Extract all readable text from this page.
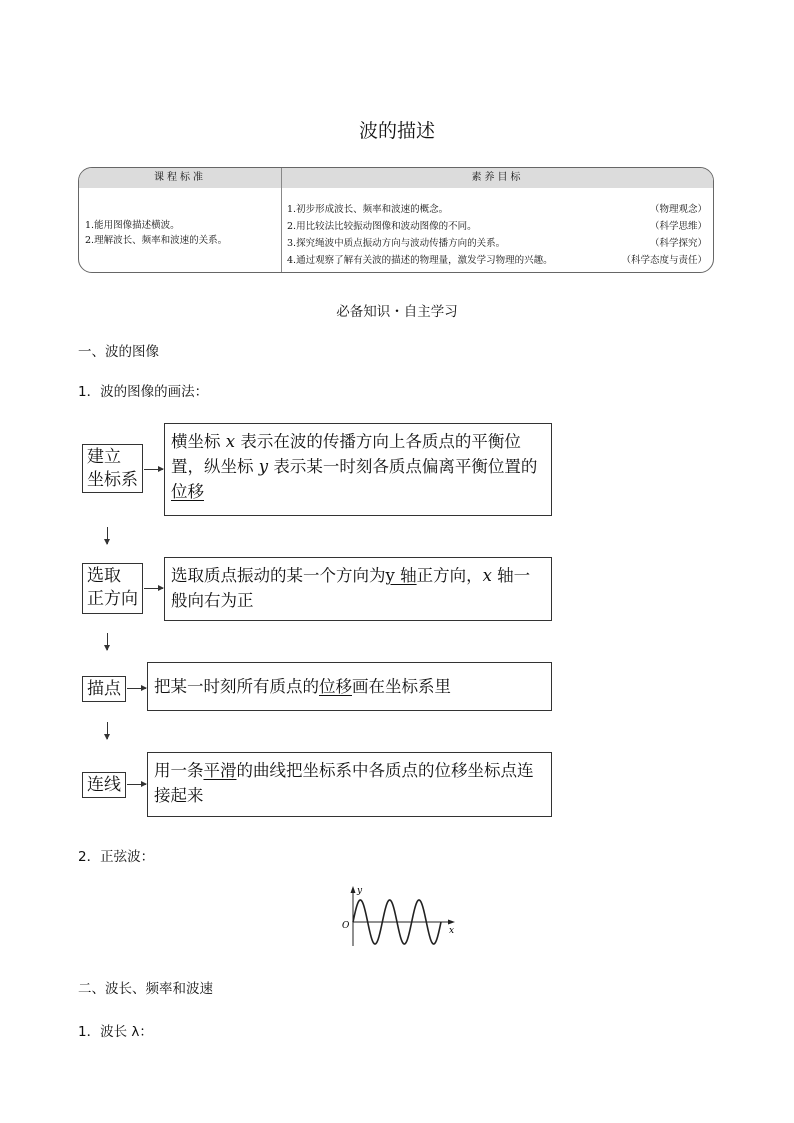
波的描述
课程标准	素养目标
1.能用图像描述横波。
2.理解波长、频率和波速的关系。
1.初步形成波长、频率和波速的概念。	（物理观念）
2.用比较法比较振动图像和波动图像的不同。	（科学思维）
3.探究绳波中质点振动方向与波动传播方向的关系。	（科学探究）
4.通过观察了解有关波的描述的物理量，激发学习物理的兴趣。	（科学态度与责任）
必备知识・自主学习
一、波的图像
1．波的图像的画法：
建立
坐标系
横坐标 x 表示在波的传播方向上各质点的平衡位置，纵坐标 y 表示某一时刻各质点偏离平衡位置的位移
选取
正方向
选取质点振动的某一个方向为y 轴正方向，x 轴一般向右为正
描点	把某一时刻所有质点的位移画在坐标系里
连线
用一条平滑的曲线把坐标系中各质点的位移坐标点连接起来
2．正弦波：
y
x
O
二、波长、频率和波速
1．波长 λ：
